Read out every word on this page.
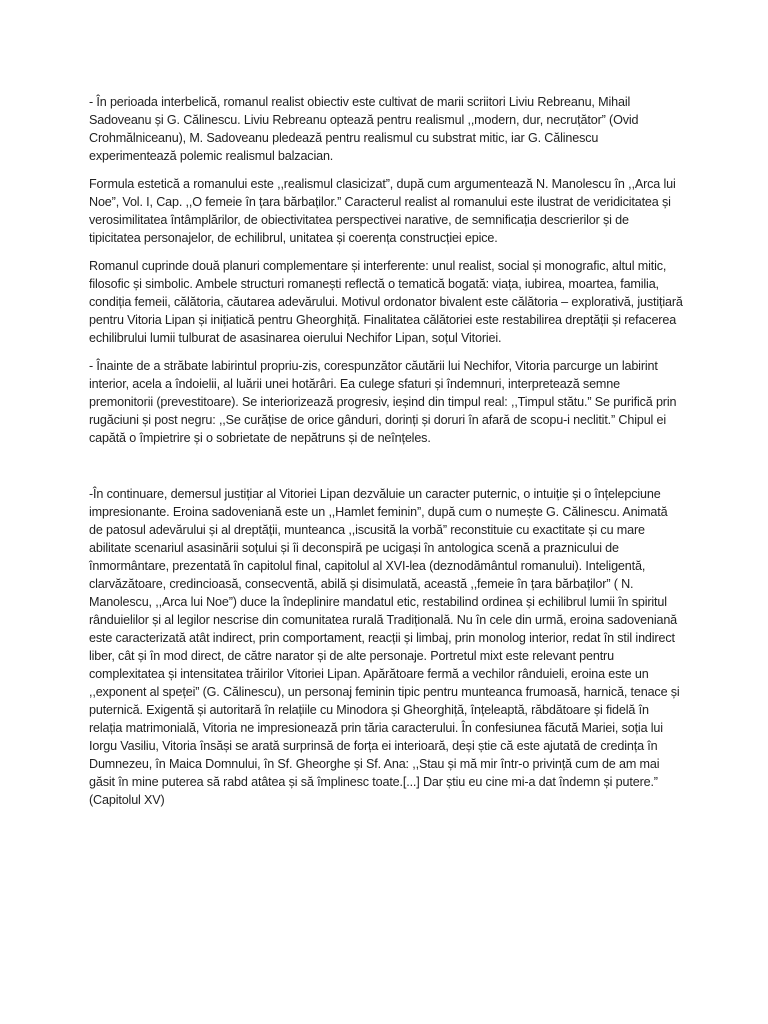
- În perioada interbelică, romanul realist obiectiv este cultivat de marii scriitori Liviu Rebreanu, Mihail Sadoveanu și G. Călinescu. Liviu Rebreanu optează pentru realismul ,,modern, dur, necruțător” (Ovid Crohmălniceanu), M. Sadoveanu pledează pentru realismul cu substrat mitic, iar G. Călinescu experimentează polemic realismul balzacian.

Formula estetică a romanului este ,,realismul clasicizat”, după cum argumentează N. Manolescu în ,,Arca lui Noe”, Vol. I, Cap. ,,O femeie în țara bărbaților.” Caracterul realist al romanului este ilustrat de veridicitatea și verosimilitatea întâmplărilor, de obiectivitatea perspectivei narative, de semnificația descrierilor și de tipicitatea personajelor, de echilibrul, unitatea și coerența construcției epice.

Romanul cuprinde două planuri complementare și interferente: unul realist, social și monografic, altul mitic, filosofic și simbolic. Ambele structuri romanești reflectă o tematică bogată: viața, iubirea, moartea, familia, condiția femeii, călătoria, căutarea adevărului. Motivul ordonator bivalent este călătoria – explorativă, justițiară pentru Vitoria Lipan și inițiatică pentru Gheorghiță. Finalitatea călătoriei este restabilirea dreptății și refacerea echilibrului lumii tulburat de asasinarea oierului Nechifor Lipan, soțul Vitoriei.

- Înainte de a străbate labirintul propriu-zis, corespunzător căutării lui Nechifor, Vitoria parcurge un labirint interior, acela a îndoielii, al luării unei hotărâri. Ea culege sfaturi și îndemnuri, interpretează semne premonitorii (prevestitoare). Se interiorizează progresiv, ieșind din timpul real: ,,Timpul stătu.” Se purifică prin rugăciuni și post negru: ,,Se curățise de orice gânduri, dorinți și doruri în afară de scopu-i neclitit.” Chipul ei capătă o împietrire și o sobrietate de nepătruns și de neînțeles.

-În continuare, demersul justițiar al Vitoriei Lipan dezvăluie un caracter puternic, o intuiție și o înțelepciune impresionante. Eroina sadoveniană este un ,,Hamlet feminin”, după cum o numește G. Călinescu. Animată de patosul adevărului și al dreptății, munteanca ,,iscusită la vorbă” reconstituie cu exactitate și cu mare abilitate scenariul asasinării soțului și îi deconspiră pe ucigași în antologica scenă a praznicului de înmormântare, prezentată în capitolul final, capitolul al XVI-lea (deznodământul romanului). Inteligentă, clarvăzătoare, credincioasă, consecventă, abilă și disimulată, această ,,femeie în țara bărbaților” ( N. Manolescu, ,,Arca lui Noe”) duce la îndeplinire mandatul etic, restabilind ordinea și echilibrul lumii în spiritul rânduielilor și al legilor nescrise din comunitatea rurală Tradițională. Nu în cele din urmă, eroina sadoveniană este caracterizată atât indirect, prin comportament, reacții și limbaj, prin monolog interior, redat în stil indirect liber, cât și în mod direct, de către narator și de alte personaje. Portretul mixt este relevant pentru complexitatea și intensitatea trăirilor Vitoriei Lipan. Apărătoare fermă a vechilor rânduieli, eroina este un ,,exponent al speței” (G. Călinescu), un personaj feminin tipic pentru munteanca frumoasă, harnică, tenace și puternică. Exigentă și autoritară în relațiile cu Minodora și Gheorghiță, înțeleaptă, răbdătoare și fidelă în relația matrimonială, Vitoria ne impresionează prin tăria caracterului. În confesiunea făcută Mariei, soția lui Iorgu Vasiliu, Vitoria însăși se arată surprinsă de forța ei interioară, deși știe că este ajutată de credința în Dumnezeu, în Maica Domnului, în Sf. Gheorghe și Sf. Ana: ,,Stau și mă mir într-o privință cum de am mai găsit în mine puterea să rabd atâtea și să împlinesc toate.[...] Dar știu eu cine mi-a dat îndemn și putere.” (Capitolul XV)
